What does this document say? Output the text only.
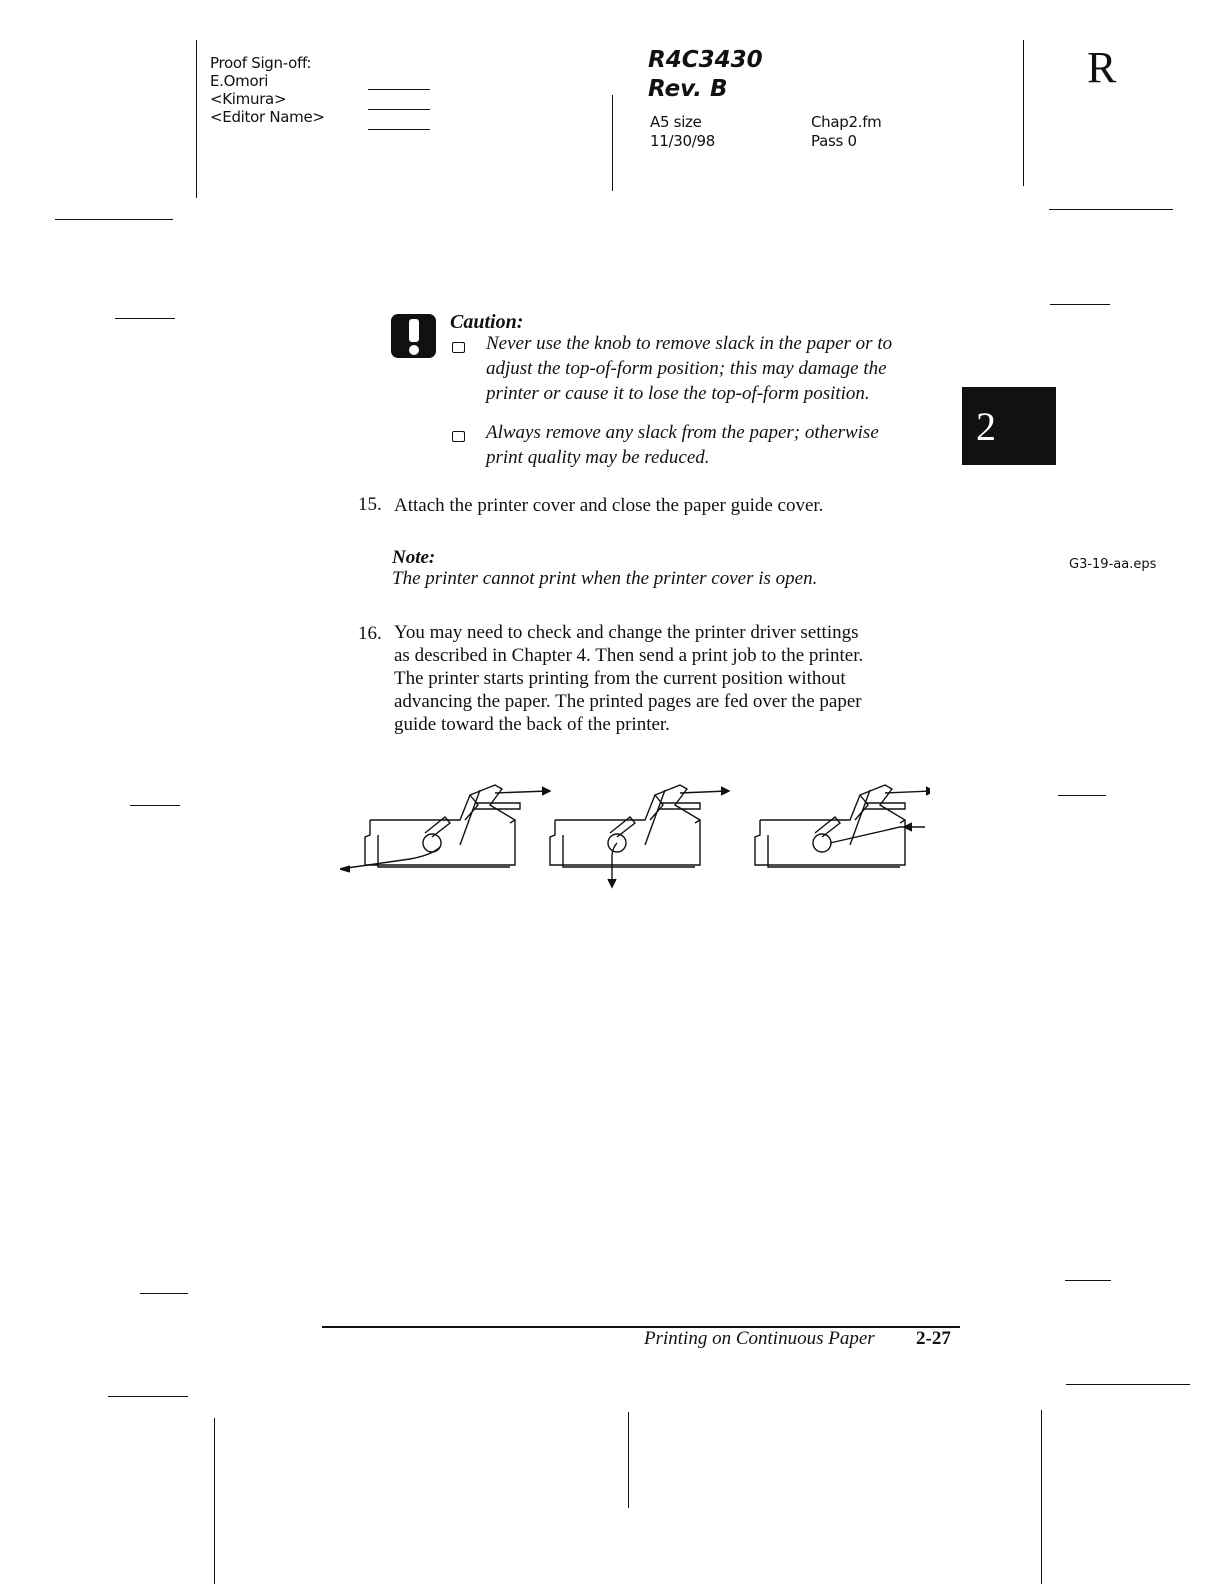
Proof Sign-off:
E.Omori
<Kimura>
<Editor Name>
R4C3430
Rev. B
A5 size
11/30/98
Chap2.fm
Pass 0
R
2
G3-19-aa.eps
Caution:
Never use the knob to remove slack in the paper or to
adjust the top-of-form position; this may damage the
printer or cause it to lose the top-of-form position.
Always remove any slack from the paper; otherwise
print quality may be reduced.
15. Attach the printer cover and close the paper guide cover.
Note:
The printer cannot print when the printer cover is open.
16. You may need to check and change the printer driver settings
as described in Chapter 4. Then send a print job to the printer.
The printer starts printing from the current position without
advancing the paper. The printed pages are fed over the paper
guide toward the back of the printer.
Printing on Continuous Paper 2-27
